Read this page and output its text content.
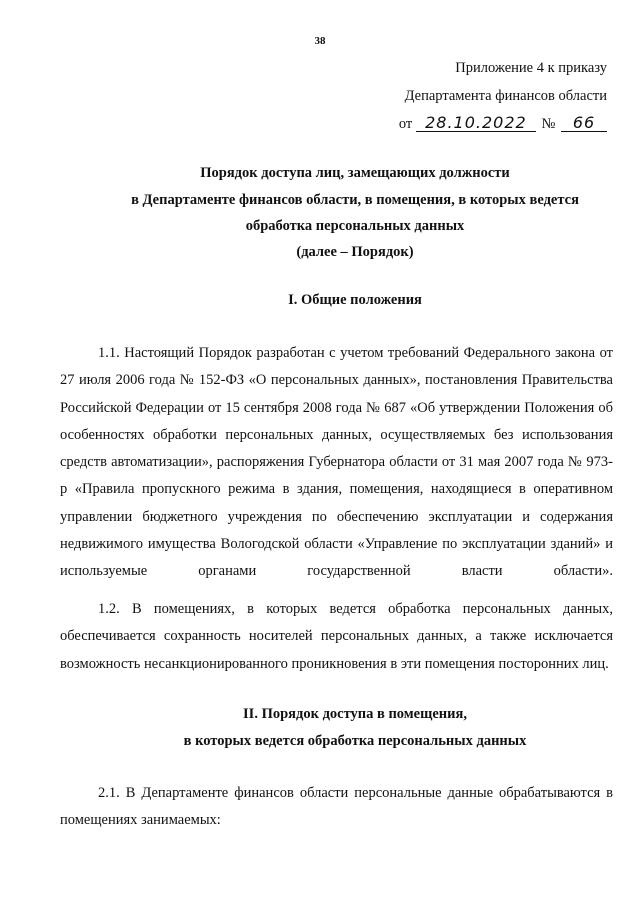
38
Приложение 4 к приказу
Департамента финансов области
от 28.10.2022 № 66
Порядок доступа лиц, замещающих должности
в Департаменте финансов области, в помещения, в которых ведется
обработка персональных данных
(далее – Порядок)
I. Общие положения
1.1. Настоящий Порядок разработан с учетом требований Федерального закона от 27 июля 2006 года № 152-ФЗ «О персональных данных», постановления Правительства Российской Федерации от 15 сентября 2008 года № 687 «Об утверждении Положения об особенностях обработки персональных данных, осуществляемых без использования средств автоматизации», распоряжения Губернатора области от 31 мая 2007 года № 973-р «Правила пропускного режима в здания, помещения, находящиеся в оперативном управлении бюджетного учреждения по обеспечению эксплуатации и содержания недвижимого имущества Вологодской области «Управление по эксплуатации зданий» и используемые органами государственной власти области».
1.2. В помещениях, в которых ведется обработка персональных данных, обеспечивается сохранность носителей персональных данных, а также исключается возможность несанкционированного проникновения в эти помещения посторонних лиц.
II. Порядок доступа в помещения,
в которых ведется обработка персональных данных
2.1. В Департаменте финансов области персональные данные обрабатываются в помещениях занимаемых:
